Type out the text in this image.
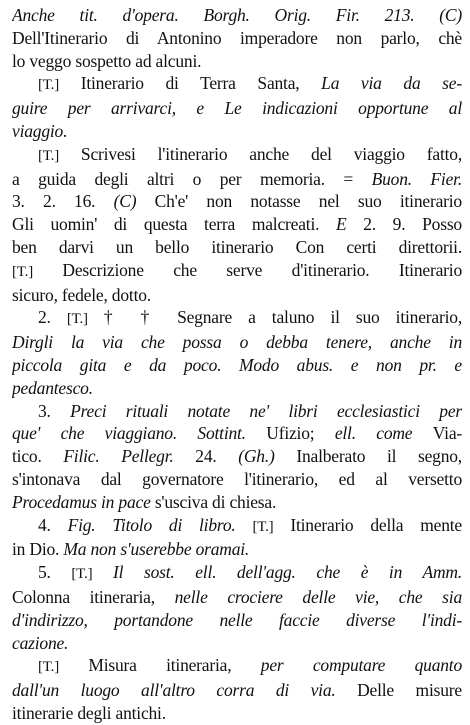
Anche tit. d'opera. Borgh. Orig. Fir. 213. (C)
Dell'Itinerario di Antonino imperadore non parlo, chè
lo veggo sospetto ad alcuni.
[T.] Itinerario di Terra Santa, La via da se-
guire per arrivarci, e Le indicazioni opportune al
viaggio.
[T.] Scrivesi l'itinerario anche del viaggio fatto,
a guida degli altri o per memoria. = Buon. Fier.
3. 2. 16. (C) Ch'e' non notasse nel suo itinerario
Gli uomin' di questa terra malcreati. E 2. 9. Posso
ben darvi un bello itinerario Con certi direttorii.
[T.] Descrizione che serve d'itinerario. Itinerario
sicuro, fedele, dotto.
2. [T.] † † Segnare a taluno il suo itinerario,
Dirgli la via che possa o debba tenere, anche in
piccola gita e da poco. Modo abus. e non pr. e
pedantesco.
3. Preci rituali notate ne' libri ecclesiastici per
que' che viaggiano. Sottint. Ufizio; ell. come Via-
tico. Filic. Pellegr. 24. (Gh.) Inalberato il segno,
s'intonava dal governatore l'itinerario, ed al versetto
Procedamus in pace s'usciva di chiesa.
4. Fig. Titolo di libro. [T.] Itinerario della mente
in Dio. Ma non s'userebbe oramai.
5. [T.] Il sost. ell. dell'agg. che è in Amm.
Colonna itineraria, nelle crociere delle vie, che sia
d'indirizzo, portandone nelle faccie diverse l'indi-
cazione.
[T.] Misura itineraria, per computare quanto
dall'un luogo all'altro corra di via. Delle misure
itinerarie degli antichi.
